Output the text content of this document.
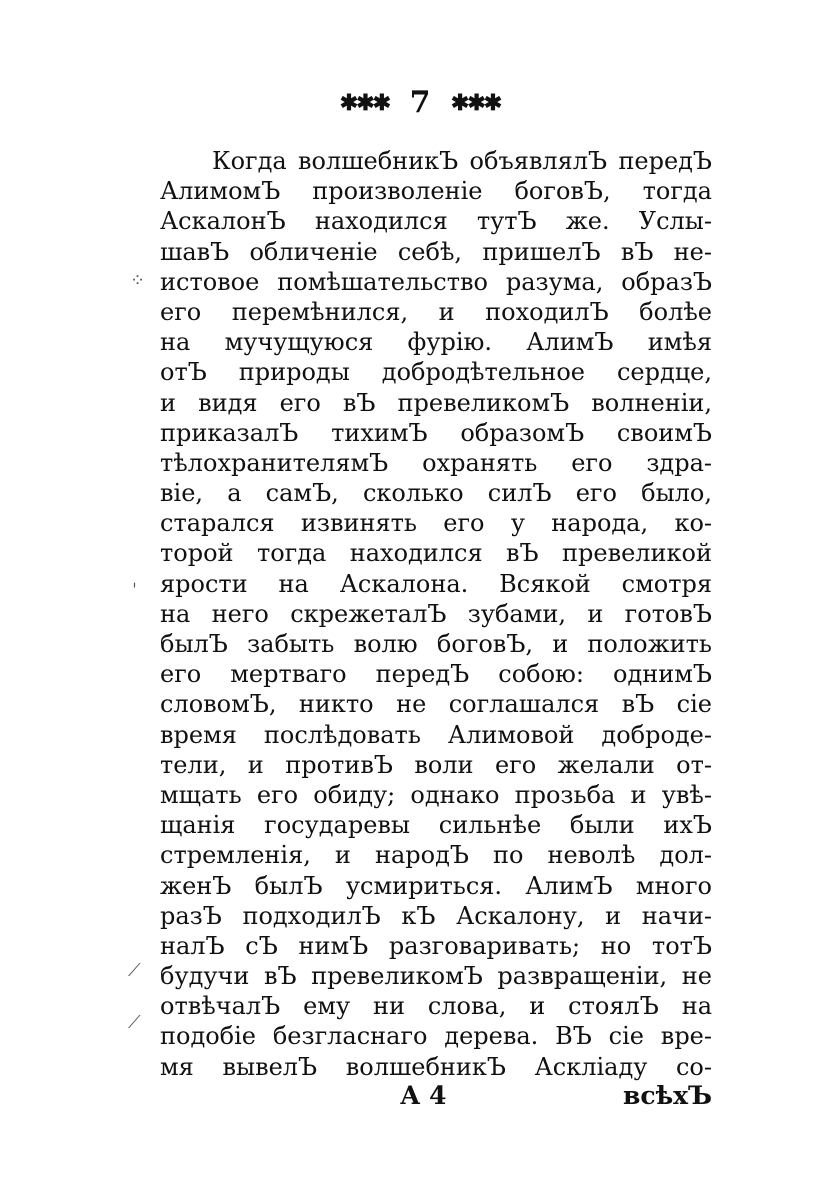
✱✱✱ 7 ✱✱✱
⁘
ˈ
⟋
⟋
Когда волшебникЪ объявлялЪ передЪ
АлимомЪ произволенiе боговЪ, тогда
АскалонЪ находился тутЪ же. Услы-
шавЪ обличенiе себѣ, пришелЪ вЪ не-
истовое помѣшательство разума, образЪ
его перемѣнился, и походилЪ болѣе
на мучущуюся фурiю. АлимЪ имѣя
отЪ природы добродѣтельное сердце,
и видя его вЪ превеликомЪ волненiи,
приказалЪ тихимЪ образомЪ своимЪ
тѣлохранителямЪ охранять его здра-
вiе, а самЪ, сколько силЪ его было,
старался извинять его у народа, ко-
торой тогда находился вЪ превеликой
ярости на Аскалона. Всякой смотря
на него скрежеталЪ зубами, и готовЪ
былЪ забыть волю боговЪ, и положить
его мертваго передЪ собою: однимЪ
словомЪ, никто не соглашался вЪ сiе
время послѣдовать Алимовой доброде-
тели, и противЪ воли его желали от-
мщать его обиду; однако прозьба и увѣ-
щанiя государевы сильнѣе были ихЪ
стремленiя, и народЪ по неволѣ дол-
женЪ былЪ усмириться. АлимЪ много
разЪ подходилЪ кЪ Аскалону, и начи-
налЪ сЪ нимЪ разговаривать; но тотЪ
будучи вЪ превеликомЪ развращенiи, не
отвѣчалЪ ему ни слова, и стоялЪ на
подобiе безгласнаго дерева. ВЪ сiе вре-
мя вывелЪ волшебникЪ Асклiаду со-
А 4	всѣхЪ
